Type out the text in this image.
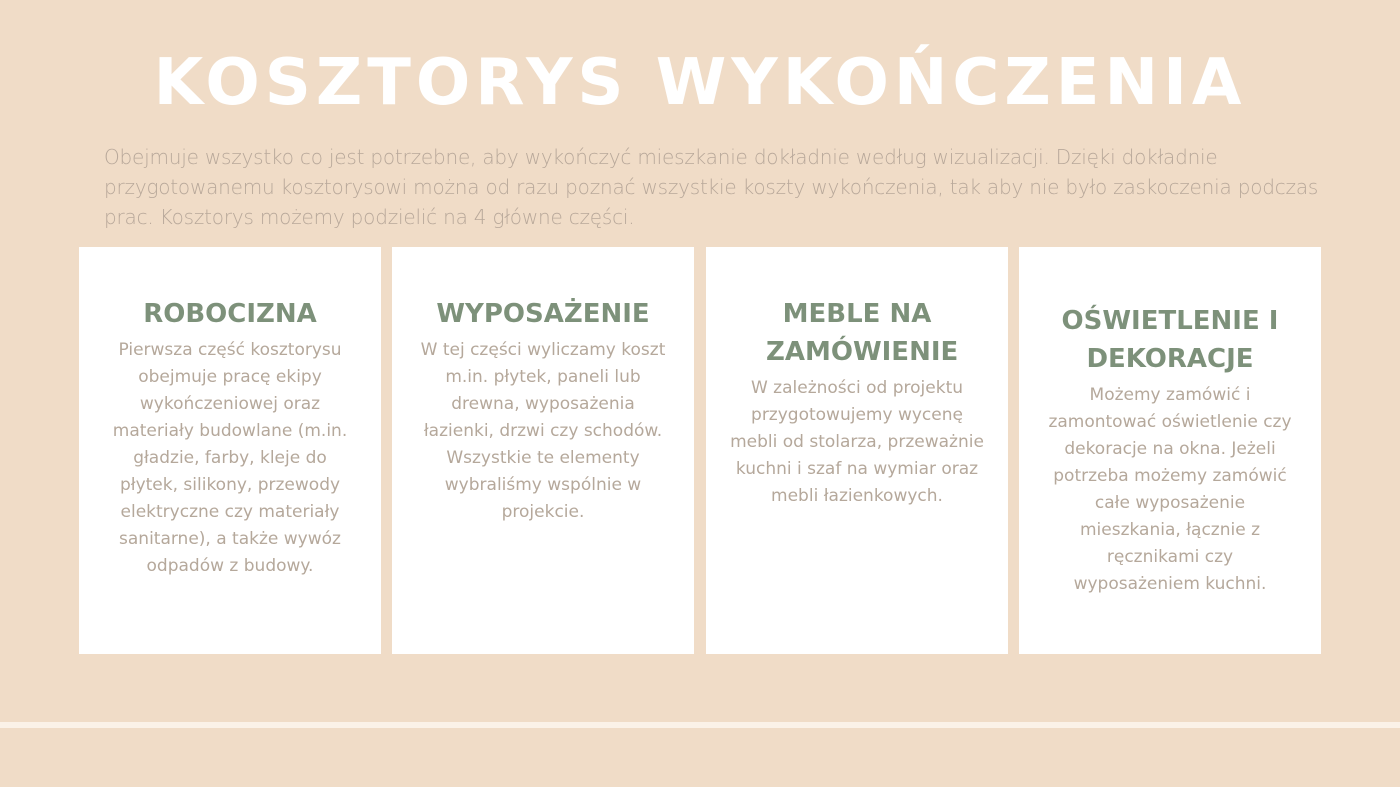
KOSZTORYS WYKOŃCZENIA

Obejmuje wszystko co jest potrzebne, aby wykończyć mieszkanie dokładnie według wizualizacji. Dzięki dokładnie przygotowanemu kosztorysowi można od razu poznać wszystkie koszty wykończenia, tak aby nie było zaskoczenia podczas prac. Kosztorys możemy podzielić na 4 główne części.

ROBOCIZNA

Pierwsza część kosztorysu obejmuje pracę ekipy wykończeniowej oraz materiały budowlane (m.in. gładzie, farby, kleje do płytek, silikony, przewody elektryczne czy materiały sanitarne), a także wywóz odpadów z budowy.

WYPOSAŻENIE

W tej części wyliczamy koszt m.in. płytek, paneli lub drewna, wyposażenia łazienki, drzwi czy schodów. Wszystkie te elementy wybraliśmy wspólnie w projekcie.

MEBLE NA ZAMÓWIENIE

W zależności od projektu przygotowujemy wycenę mebli od stolarza, przeważnie kuchni i szaf na wymiar oraz mebli łazienkowych.

OŚWIETLENIE I DEKORACJE

Możemy zamówić i zamontować oświetlenie czy dekoracje na okna. Jeżeli potrzeba możemy zamówić całe wyposażenie mieszkania, łącznie z ręcznikami czy wyposażeniem kuchni.
